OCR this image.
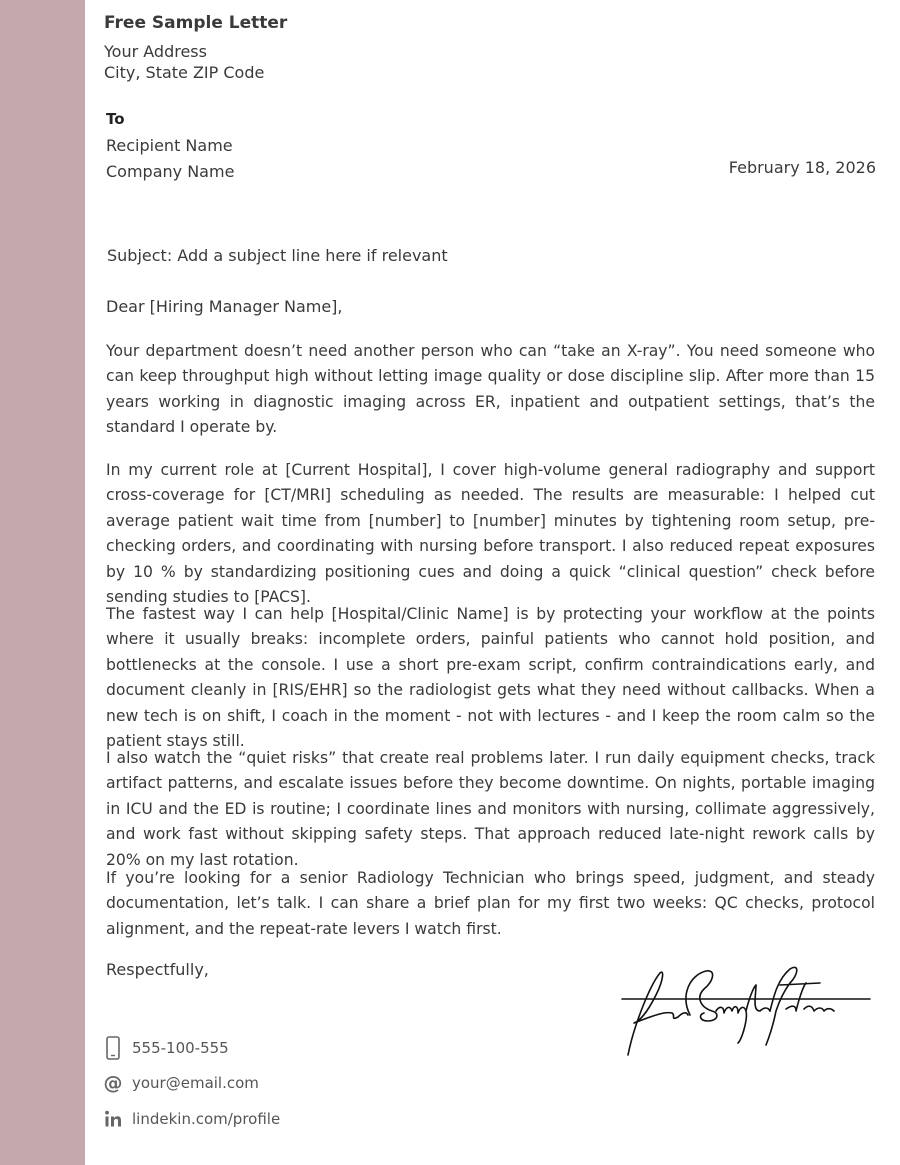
Free Sample Letter
Your Address
City, State ZIP Code
To
Recipient Name
Company Name	February 18, 2026
Subject: Add a subject line here if relevant
Dear [Hiring Manager Name],

Your department doesn’t need another person who can “take an X-ray”. You need someone who can keep throughput high without letting image quality or dose discipline slip. After more than 15 years working in diagnostic imaging across ER, inpatient and outpatient settings, that’s the standard I operate by.

In my current role at [Current Hospital], I cover high-volume general radiography and support cross-coverage for [CT/MRI] scheduling as needed. The results are measurable: I helped cut average patient wait time from [number] to [number] minutes by tightening room setup, pre-checking orders, and coordinating with nursing before transport. I also reduced repeat exposures by 10 % by standardizing positioning cues and doing a quick “clinical question” check before sending studies to [PACS].

The fastest way I can help [Hospital/Clinic Name] is by protecting your workflow at the points where it usually breaks: incomplete orders, painful patients who cannot hold position, and bottlenecks at the console. I use a short pre-exam script, confirm contraindications early, and document cleanly in [RIS/EHR] so the radiologist gets what they need without callbacks. When a new tech is on shift, I coach in the moment - not with lectures - and I keep the room calm so the patient stays still.

I also watch the “quiet risks” that create real problems later. I run daily equipment checks, track artifact patterns, and escalate issues before they become downtime. On nights, portable imaging in ICU and the ED is routine; I coordinate lines and monitors with nursing, collimate aggressively, and work fast without skipping safety steps. That approach reduced late-night rework calls by 20% on my last rotation.

If you’re looking for a senior Radiology Technician who brings speed, judgment, and steady documentation, let’s talk. I can share a brief plan for my first two weeks: QC checks, protocol alignment, and the repeat-rate levers I watch first.

Respectfully,
555-100-555
@ your@email.com
lindekin.com/profile
